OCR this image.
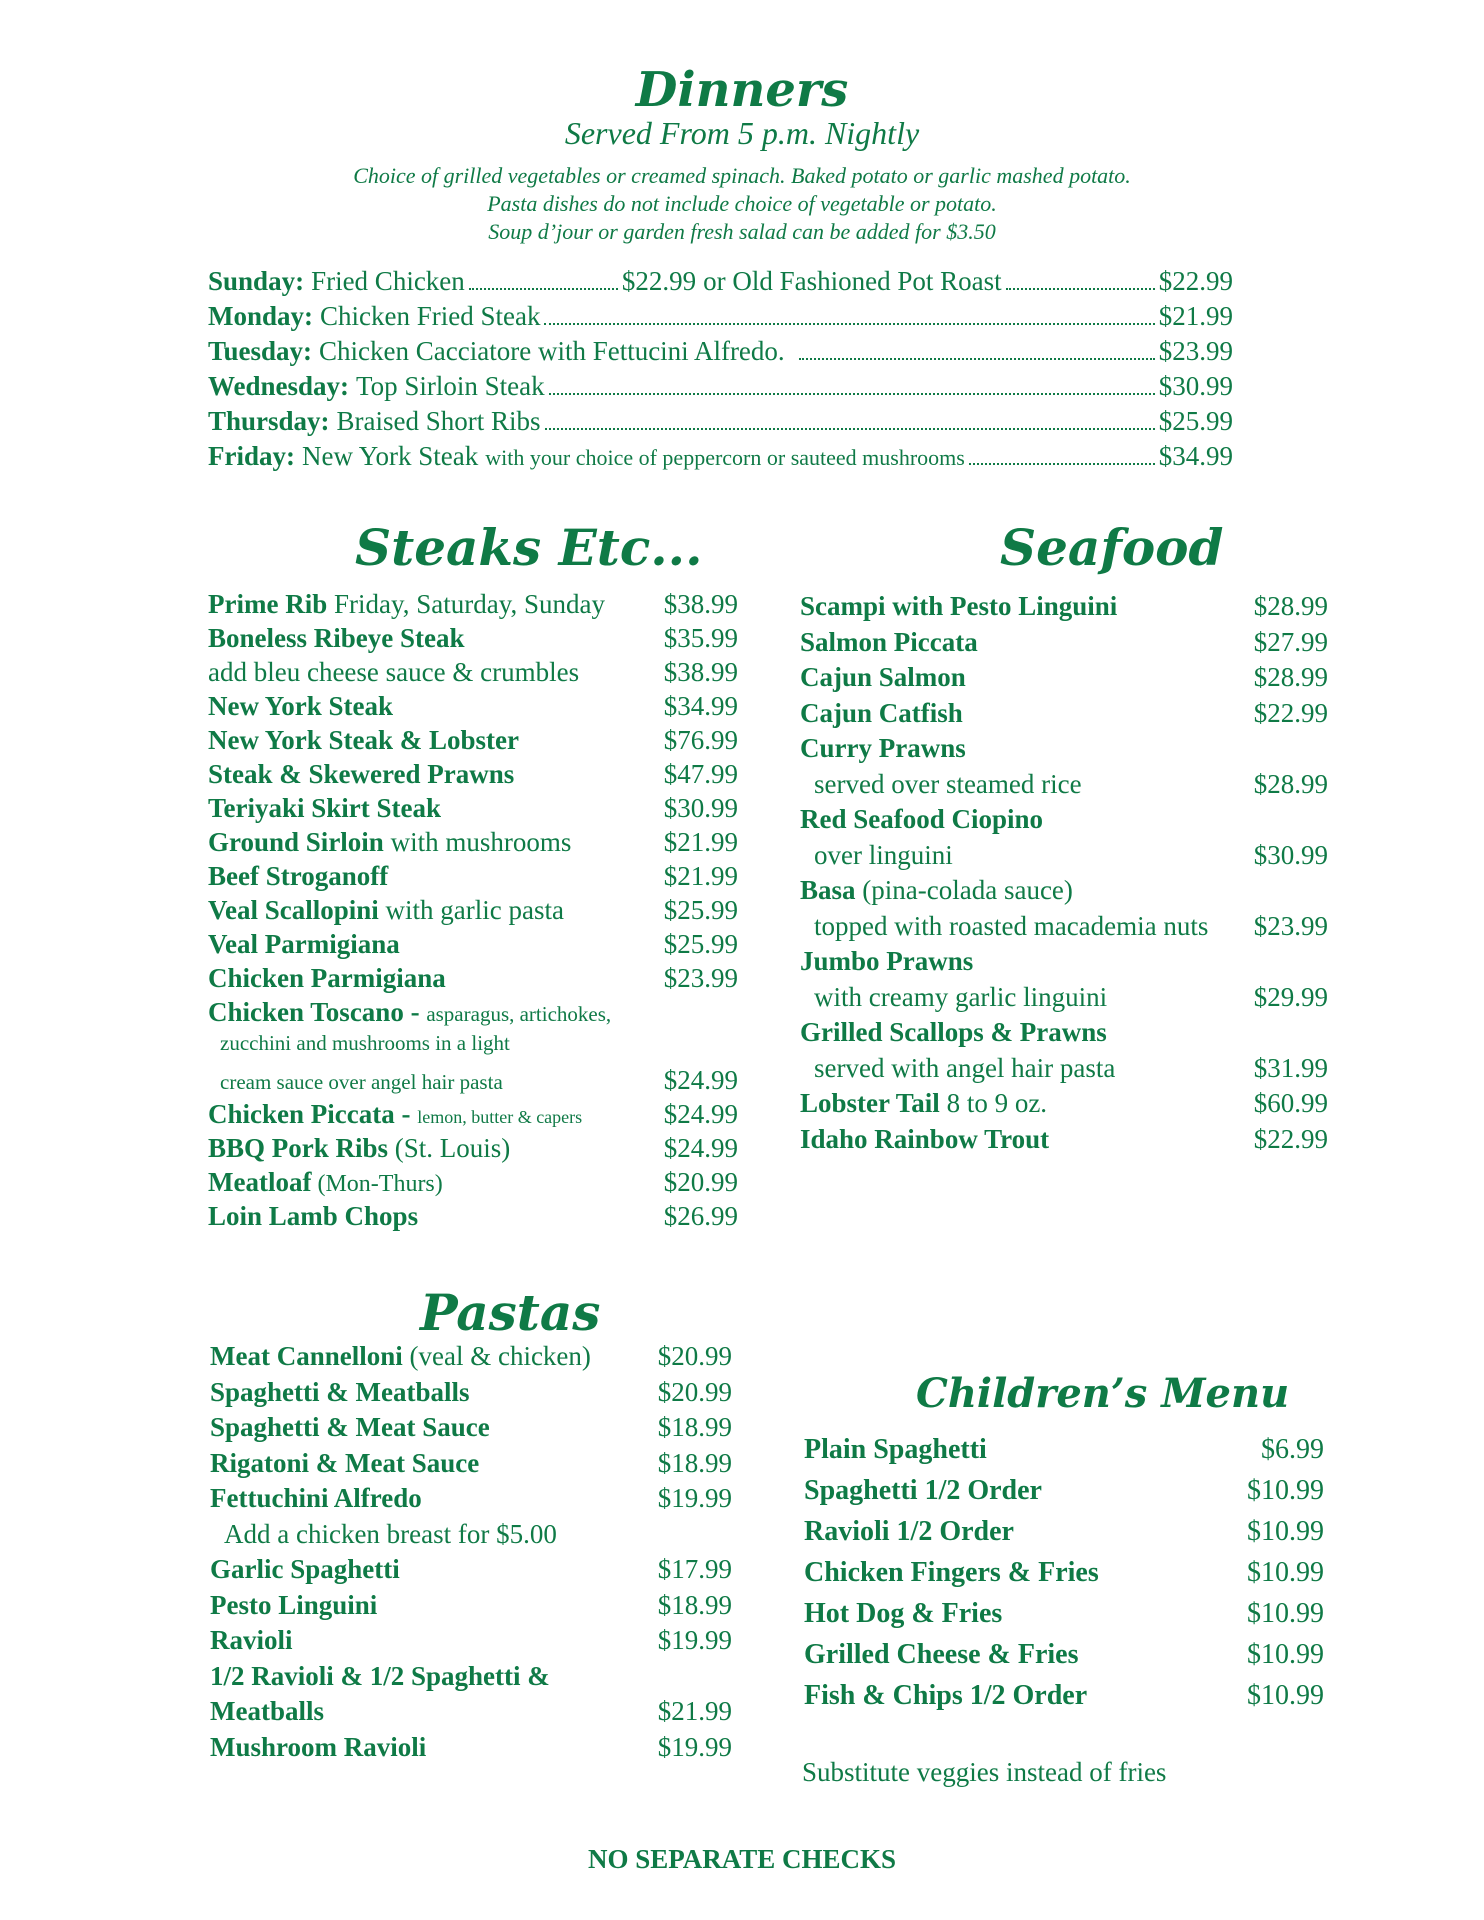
Dinners
Served From 5 p.m. Nightly
Choice of grilled vegetables or creamed spinach. Baked potato or garlic mashed potato.
Pasta dishes do not include choice of vegetable or potato.
Soup d’jour or garden fresh salad can be added for $3.50
Sunday: Fried Chicken	$22.99 or Old Fashioned Pot Roast	$22.99
Monday: Chicken Fried Steak	$21.99
Tuesday: Chicken Cacciatore with Fettucini Alfredo.	$23.99
Wednesday: Top Sirloin Steak	$30.99
Thursday: Braised Short Ribs	$25.99
Friday: New York Steak with your choice of peppercorn or sauteed mushrooms	$34.99
Steaks Etc...
Prime Rib Friday, Saturday, Sunday $38.99
Boneless Ribeye Steak	$35.99
add bleu cheese sauce & crumbles	$38.99
New York Steak	$34.99
New York Steak & Lobster	$76.99
Steak & Skewered Prawns	$47.99
Teriyaki Skirt Steak	$30.99
Ground Sirloin with mushrooms	$21.99
Beef Stroganoff	$21.99
Veal Scallopini with garlic pasta	$25.99
Veal Parmigiana	$25.99
Chicken Parmigiana	$23.99
Chicken Toscano - asparagus, artichokes,
zucchini and mushrooms in a light
cream sauce over angel hair pasta	$24.99
Chicken Piccata - lemon, butter & capers	$24.99
BBQ Pork Ribs (St. Louis)	$24.99
Meatloaf (Mon-Thurs)	$20.99
Loin Lamb Chops	$26.99
Seafood
Scampi with Pesto Linguini	$28.99
Salmon Piccata	$27.99
Cajun Salmon	$28.99
Cajun Catfish	$22.99
Curry Prawns
served over steamed rice	$28.99
Red Seafood Ciopino
over linguini	$30.99
Basa (pina-colada sauce)
topped with roasted macademia nuts $23.99
Jumbo Prawns
with creamy garlic linguini	$29.99
Grilled Scallops & Prawns
served with angel hair pasta	$31.99
Lobster Tail 8 to 9 oz.	$60.99
Idaho Rainbow Trout	$22.99
Pastas
Meat Cannelloni (veal & chicken) $20.99
Spaghetti & Meatballs	$20.99
Spaghetti & Meat Sauce	$18.99
Rigatoni & Meat Sauce	$18.99
Fettuchini Alfredo	$19.99
Add a chicken breast for $5.00
Garlic Spaghetti	$17.99
Pesto Linguini	$18.99
Ravioli	$19.99
1/2 Ravioli & 1/2 Spaghetti &
Meatballs	$21.99
Mushroom Ravioli	$19.99
Children’s Menu
Plain Spaghetti	$6.99
Spaghetti 1/2 Order	$10.99
Ravioli 1/2 Order	$10.99
Chicken Fingers & Fries	$10.99
Hot Dog & Fries	$10.99
Grilled Cheese & Fries	$10.99
Fish & Chips 1/2 Order	$10.99
Substitute veggies instead of fries
NO SEPARATE CHECKS
